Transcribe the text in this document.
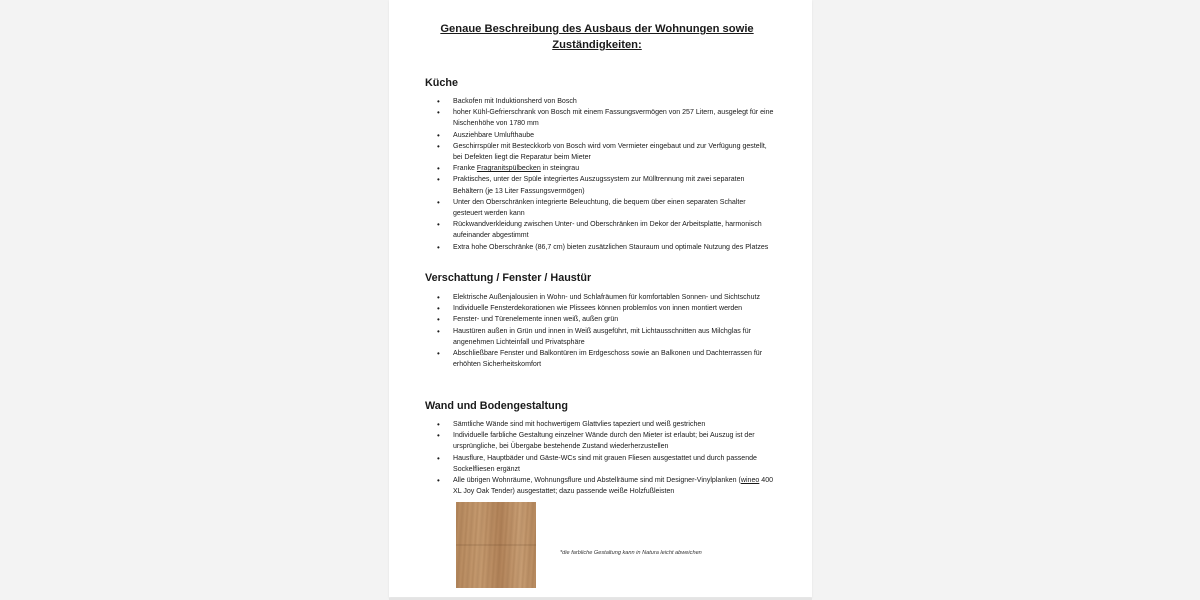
Genaue Beschreibung des Ausbaus der Wohnungen sowie Zuständigkeiten:
Küche
• Backofen mit Induktionsherd von Bosch
• hoher Kühl-Gefrierschrank von Bosch mit einem Fassungsvermögen von 257 Litern, ausgelegt für eine Nischenhöhe von 1780 mm
• Ausziehbare Umlufthaube
• Geschirrspüler mit Besteckkorb von Bosch wird vom Vermieter eingebaut und zur Verfügung gestellt, bei Defekten liegt die Reparatur beim Mieter
• Franke Fragranitspülbecken in steingrau
• Praktisches, unter der Spüle integriertes Auszugssystem zur Mülltrennung mit zwei separaten Behältern (je 13 Liter Fassungsvermögen)
• Unter den Oberschränken integrierte Beleuchtung, die bequem über einen separaten Schalter gesteuert werden kann
• Rückwandverkleidung zwischen Unter- und Oberschränken im Dekor der Arbeitsplatte, harmonisch aufeinander abgestimmt
• Extra hohe Oberschränke (86,7 cm) bieten zusätzlichen Stauraum und optimale Nutzung des Platzes
Verschattung / Fenster / Haustür
• Elektrische Außenjalousien in Wohn- und Schlafräumen für komfortablen Sonnen- und Sichtschutz
• Individuelle Fensterdekorationen wie Plissees können problemlos von innen montiert werden
• Fenster- und Türenelemente innen weiß, außen grün
• Haustüren außen in Grün und innen in Weiß ausgeführt, mit Lichtausschnitten aus Milchglas für angenehmen Lichteinfall und Privatsphäre
• Abschließbare Fenster und Balkontüren im Erdgeschoss sowie an Balkonen und Dachterrassen für erhöhten Sicherheitskomfort
Wand und Bodengestaltung
• Sämtliche Wände sind mit hochwertigem Glattvlies tapeziert und weiß gestrichen
• Individuelle farbliche Gestaltung einzelner Wände durch den Mieter ist erlaubt; bei Auszug ist der ursprüngliche, bei Übergabe bestehende Zustand wiederherzustellen
• Hausflure, Hauptbäder und Gäste-WCs sind mit grauen Fliesen ausgestattet und durch passende Sockelfliesen ergänzt
• Alle übrigen Wohnräume, Wohnungsflure und Abstellräume sind mit Designer-Vinylplanken (wineo 400 XL Joy Oak Tender) ausgestattet; dazu passende weiße Holzfußleisten
*die farbliche Gestaltung kann in Natura leicht abweichen
